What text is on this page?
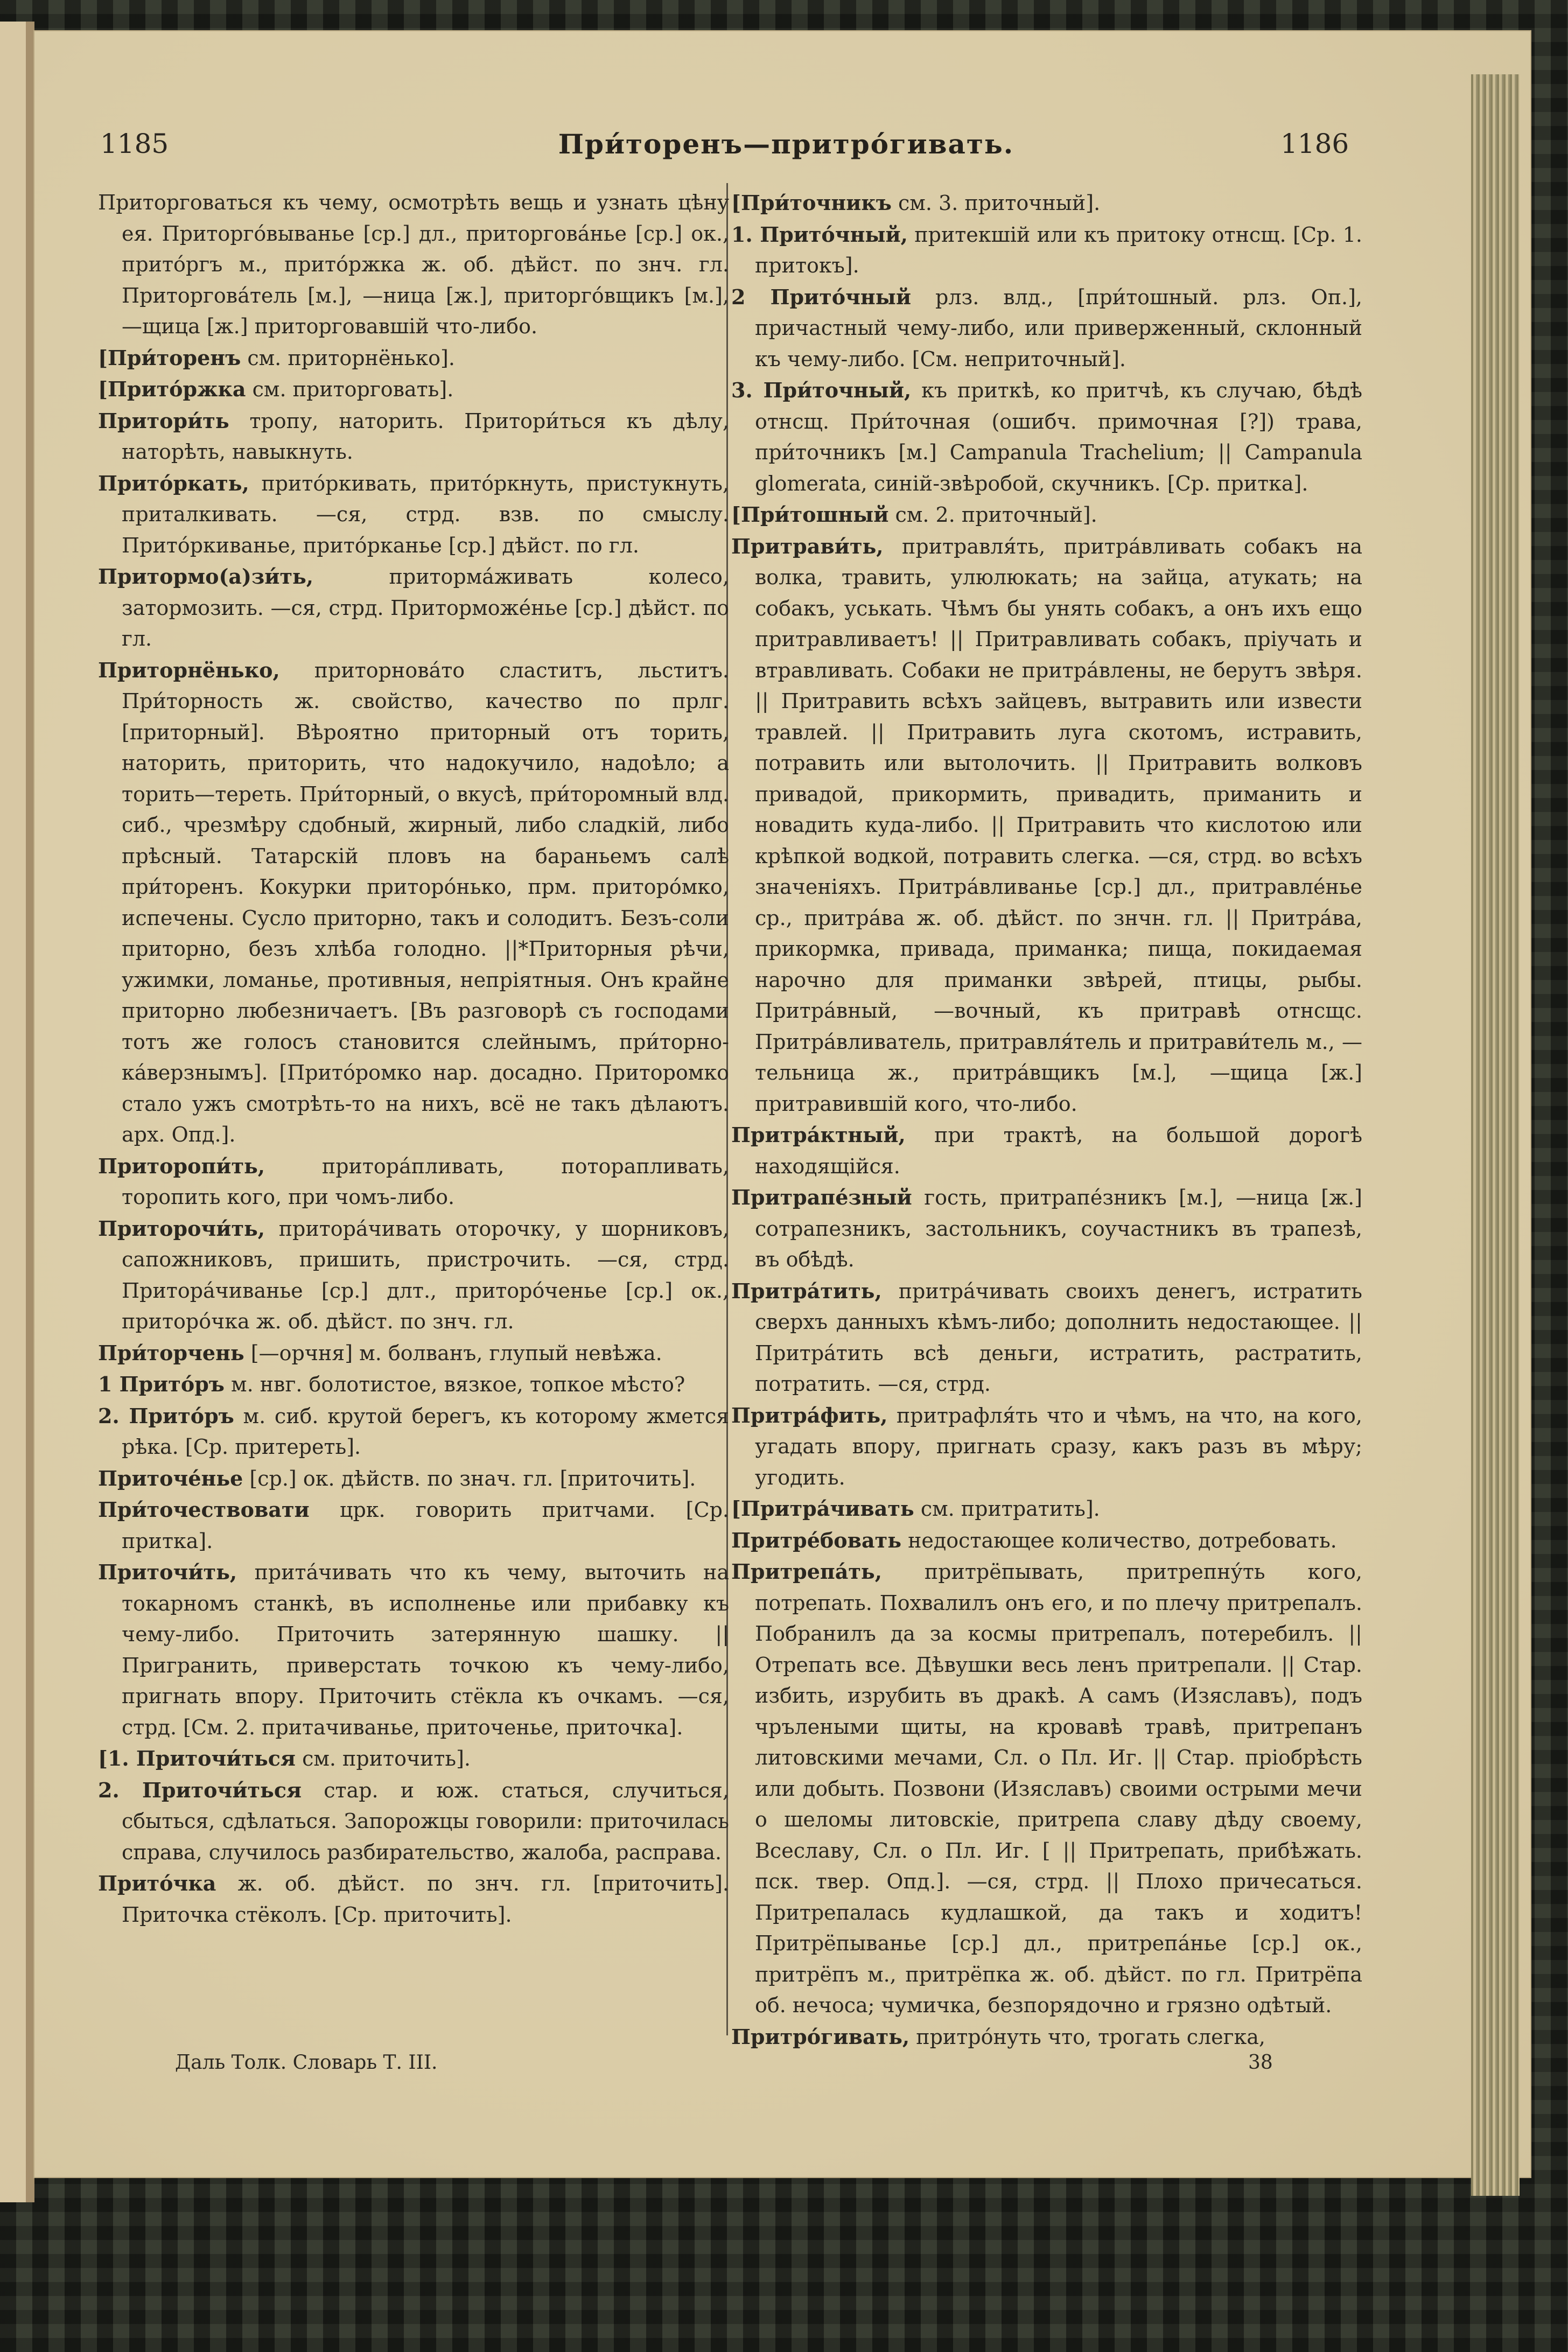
1185	При́торенъ—притро́гивать.	1186

Приторговаться къ чему, осмотрѣть вещь и узнать цѣну ея. Приторго́выванье [ср.] дл., приторгова́нье [ср.] ок., прито́ргъ м., прито́ржка ж. об. дѣйст. по знч. гл. Приторгова́тель [м.], —ница [ж.], приторго́вщикъ [м.], —щица [ж.] приторговавшій что-либо.

[При́торенъ см. приторнёнько].

[Прито́ржка см. приторговать].

Притори́ть тропу, наторить. Притори́ться къ дѣлу, наторѣть, навыкнуть.

Прито́ркать, прито́ркивать, прито́ркнуть, пристукнуть, приталкивать. —ся, стрд. взв. по смыслу. Прито́ркиванье, прито́рканье [ср.] дѣйст. по гл.

Притормо(а)зи́ть,	приторма́живать колесо, затормозить. —ся, стрд. Приторможе́нье [ср.] дѣйст. по гл.

Приторнёнько, приторнова́то сластитъ, льститъ. При́торность ж. свойство, качество по прлг. [приторный]. Вѣроятно приторный отъ торить, наторить, приторить, что надокучило, надоѣло; а торить—тереть. При́торный, о вкусѣ, при́торомный влд. сиб., чрезмѣру сдобный, жирный, либо сладкій, либо прѣсный. Татарскій пловъ на бараньемъ салѣ при́торенъ. Кокурки приторо́нько, прм. приторо́мко, испечены. Сусло приторно, такъ и солодитъ. Безъ-соли приторно, безъ хлѣба голодно. ||*Приторныя рѣчи, ужимки, ломанье, противныя, непріятныя. Онъ крайне приторно любезничаетъ. [Въ разговорѣ съ господами тотъ же голосъ становится слейнымъ, при́торно-ка́верзнымъ]. [Прито́ромко нар. досадно. Приторомко стало ужъ смотрѣть-то на нихъ, всё не такъ дѣлаютъ. арх. Опд.].

Приторопи́ть,	притора́пливать, поторапливать, торопить кого, при чомъ-либо.

Приторочи́ть, притора́чивать оторочку, у шорниковъ, сапожниковъ, пришить, пристрочить. —ся, стрд. Притора́чиванье [ср.] длт., приторо́ченье [ср.] ок., приторо́чка ж. об. дѣйст. по знч. гл.

При́торчень [—орчня] м. болванъ, глупый невѣжа.

1 Прито́ръ м. нвг. болотистое, вязкое, топкое мѣсто?

2. Прито́ръ м. сиб. крутой берегъ, къ которому жмется рѣка. [Ср. притереть].

Приточе́нье [ср.] ок. дѣйств. по знач. гл. [приточить].

При́точествовати црк. говорить притчами. [Ср. притка].

Приточи́ть, прита́чивать что къ чему, выточить на токарномъ станкѣ, въ исполненье или прибавку къ чему-либо. Приточить затерянную шашку. ||Пригранить, приверстать точкою къ чему-либо, пригнать впору. Приточить стёкла къ очкамъ. —ся, стрд. [См. 2. притачиванье, приточенье, приточка].

[1. Приточи́ться см. приточить].

2. Приточи́ться стар. и юж. статься, случиться, сбыться, сдѣлаться. Запорожцы говорили: приточилась справа, случилось разбирательство, жалоба, расправа.

Прито́чка ж. об. дѣйст. по знч. гл. [приточить]. Приточка стёколъ. [Ср. приточить].

[При́точникъ см. 3. приточный].

1. Прито́чный, притекшій или къ притоку отнсщ. [Ср. 1. притокъ].

2 Прито́чный рлз. влд., [при́тошный. рлз. Оп.], причастный чему-либо, или приверженный, склонный къ чему-либо. [См. неприточный].

3. При́точный, къ приткѣ, ко притчѣ, къ случаю, бѣдѣ отнсщ. При́точная (ошибч. примочная [?]) трава, при́точникъ [м.] Campanula Trachelium; || Campanula glomerata, синій-звѣробой, скучникъ. [Ср. притка].

[При́тошный см. 2. приточный].

Притрави́ть, притравля́ть, притра́вливать собакъ на волка, травить, улюлюкать; на зайца, атукать; на собакъ, уськать. Чѣмъ бы унять собакъ, а онъ ихъ ещо притравливаетъ! || Притравливать собакъ, пріучать и втравливать. Собаки не притра́влены, не берутъ звѣря. || Притравить всѣхъ зайцевъ, вытравить или извести травлей. || Притравить луга скотомъ, истравить, потравить или вытолочить. || Притравить волковъ привадой, прикормить, привадить, приманить и новадить куда-либо. || Притравить что кислотою или крѣпкой водкой, потравить слегка. —ся, стрд. во всѣхъ значеніяхъ. Притра́вливанье [ср.] дл., притравле́нье ср., притра́ва ж. об. дѣйст. по знчн. гл. || Притра́ва, прикормка, привада, приманка; пища, покидаемая нарочно для приманки звѣрей, птицы, рыбы. Притра́вный, —вочный, къ притравѣ отнсщс. Притра́вливатель, притравля́тель и притрави́тель м., —тельница ж., притра́вщикъ [м.], —щица [ж.] притравившій кого, что-либо.

Притра́ктный, при трактѣ, на большой дорогѣ находящійся.

Притрапе́зный гость, притрапе́зникъ [м.], —ница [ж.] сотрапезникъ, застольникъ, соучастникъ въ трапезѣ, въ обѣдѣ.

Притра́тить, притра́чивать своихъ денегъ, истратить сверхъ данныхъ кѣмъ-либо; дополнить недостающее. || Притра́тить всѣ деньги, истратить, растратить, потратить. —ся, стрд.

Притра́фить, притрафля́ть что и чѣмъ, на что, на кого, угадать впору, пригнать сразу, какъ разъ въ мѣру; угодить.

[Притра́чивать см. притратить].

Притре́бовать недостающее количество, дотребовать.

Притрепа́ть, притрёпывать, притрепну́ть кого, потрепать. Похвалилъ онъ его, и по плечу притрепалъ. Побранилъ да за космы притрепалъ, потеребилъ. || Отрепать все. Дѣвушки весь ленъ притрепали. || Стар. избить, изрубить въ дракѣ. А самъ (Изяславъ), подъ чрълеными щиты, на кровавѣ травѣ, притрепанъ литовскими мечами, Сл. о Пл. Иг. || Стар. пріобрѣсть или добыть. Позвони (Изяславъ) своими острыми мечи о шеломы литовскіе, притрепа славу дѣду своему, Всеславу, Сл. о Пл. Иг. [ || Притрепать, прибѣжать. пск. твер. Опд.]. —ся, стрд. || Плохо причесаться. Притрепалась кудлашкой, да такъ и ходитъ! Притрёпыванье [ср.] дл., притрепа́нье [ср.] ок., притрёпъ м., притрёпка ж. об. дѣйст. по гл. Притрёпа об. нечоса; чумичка, безпорядочно и грязно одѣтый.

Притро́гивать, притро́нуть что, трогать слегка,

Даль Толк. Словарь Т. III.	38
